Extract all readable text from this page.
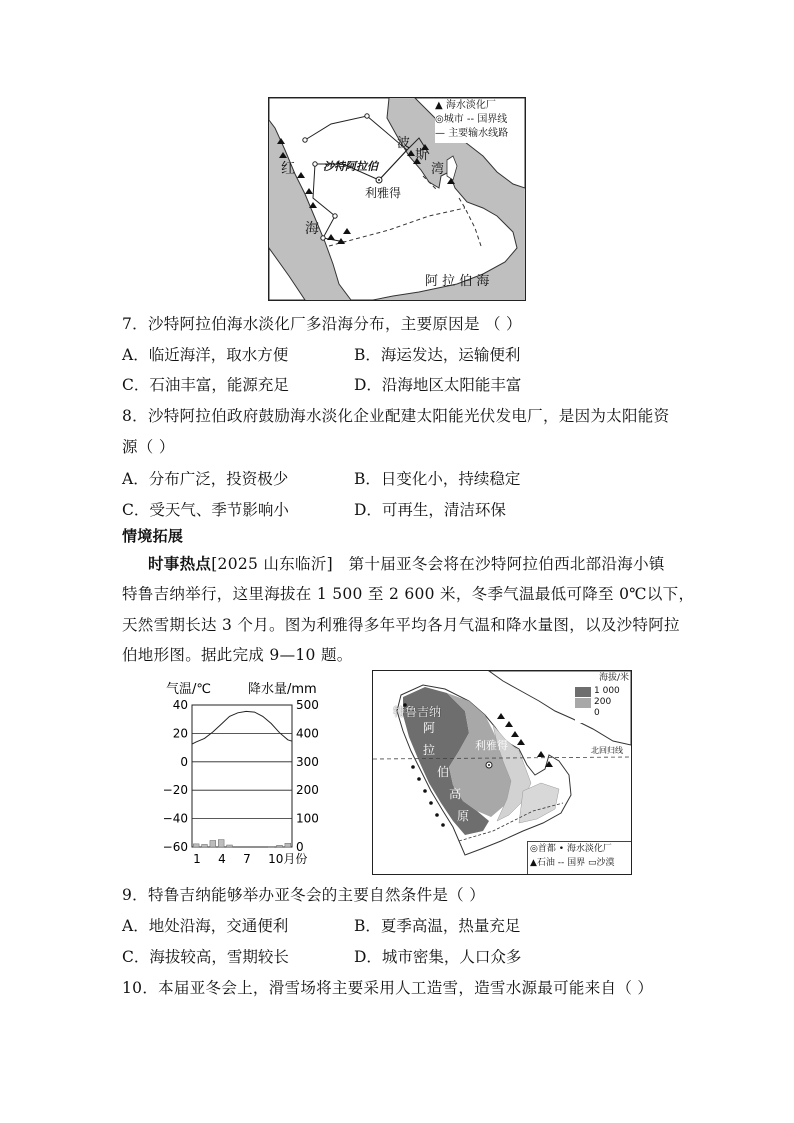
▲ 海水淡化厂
◎城市 -- 国界线
— 主要输水线路
沙特阿拉伯
利雅得
红
海
波
斯
湾
阿 拉 伯 海
7．沙特阿拉伯海水淡化厂多沿海分布，主要原因是 （ ）
A．临近海洋，取水方便	B．海运发达，运输便利
C．石油丰富，能源充足	D．沿海地区太阳能丰富
8．沙特阿拉伯政府鼓励海水淡化企业配建太阳能光伏发电厂，是因为太阳能资
源（ ）
A．分布广泛，投资极少	B．日变化小，持续稳定
C．受天气、季节影响小	D．可再生，清洁环保
情境拓展
时事热点[2025 山东临沂] 第十届亚冬会将在沙特阿拉伯西北部沿海小镇
特鲁吉纳举行，这里海拔在 1 500 至 2 600 米，冬季气温最低可降至 0℃以下，
天然雪期长达 3 个月。图为利雅得多年平均各月气温和降水量图，以及沙特阿拉
伯地形图。据此完成 9—10 题。
气温/℃	降水量/mm
40	500
20	400
0	300
−20	200
−40	100
−60	0
1 4 7 10月份
海拔/米
1 000
200
0
特鲁吉纳
阿
拉
伯
高
原
利雅得	北回归线
◎首都 • 海水淡化厂
▲石油 -- 国界 ▭沙漠
9．特鲁吉纳能够举办亚冬会的主要自然条件是（ ）
A．地处沿海，交通便利	B．夏季高温，热量充足
C．海拔较高，雪期较长	D．城市密集，人口众多
10．本届亚冬会上，滑雪场将主要采用人工造雪，造雪水源最可能来自（ ）
